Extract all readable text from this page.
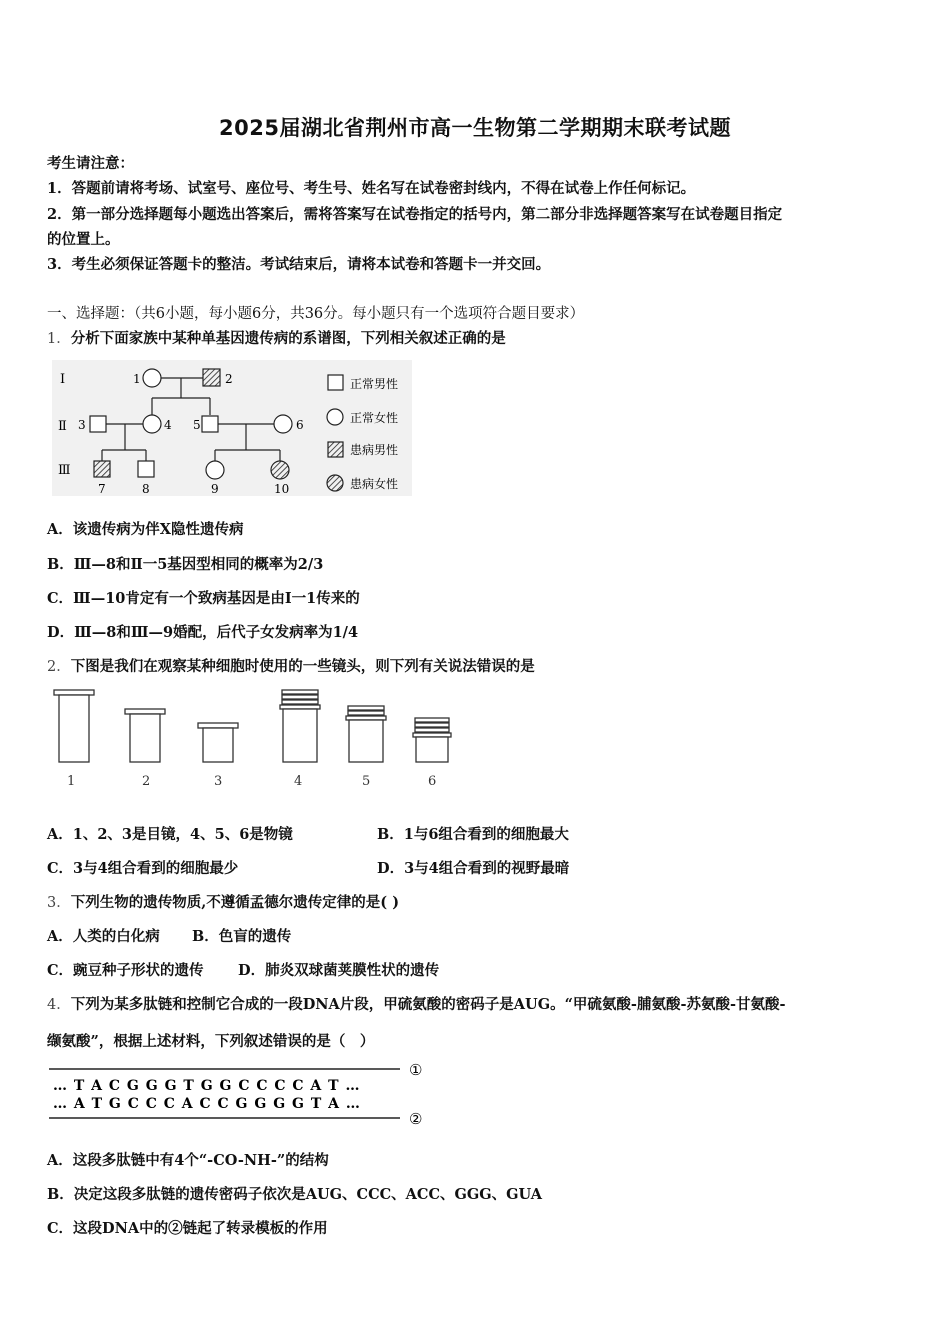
2025届湖北省荆州市高一生物第二学期期末联考试题
考生请注意：
1．答题前请将考场、试室号、座位号、考生号、姓名写在试卷密封线内，不得在试卷上作任何标记。
2．第一部分选择题每小题选出答案后，需将答案写在试卷指定的括号内，第二部分非选择题答案写在试卷题目指定
的位置上。
3．考生必须保证答题卡的整洁。考试结束后，请将本试卷和答题卡一并交回。
一、选择题：（共6小题，每小题6分，共36分。每小题只有一个选项符合题目要求）
1．分析下面家族中某种单基因遗传病的系谱图，下列相关叙述正确的是
Ⅰ
Ⅱ
Ⅲ
1	2
3	4 5	6
7	8	9	10
正常男性
正常女性
患病男性
患病女性
A．该遗传病为伴X隐性遗传病
B．Ⅲ—8和Ⅱ一5基因型相同的概率为2/3
C．Ⅲ—10肯定有一个致病基因是由Ⅰ一1传来的
D．Ⅲ—8和Ⅲ—9婚配，后代子女发病率为1/4
2．下图是我们在观察某种细胞时使用的一些镜头，则下列有关说法错误的是
1	2	3	4	5	6
A．1、2、3是目镜，4、5、6是物镜	B．1与6组合看到的细胞最大
C．3与4组合看到的细胞最少	D．3与4组合看到的视野最暗
3．下列生物的遗传物质,不遵循孟德尔遗传定律的是( )
A．人类的白化病 B．色盲的遗传
C．豌豆种子形状的遗传 D．肺炎双球菌荚膜性状的遗传
4．下列为某多肽链和控制它合成的一段DNA片段，甲硫氨酸的密码子是AUG。“甲硫氨酸-脯氨酸-苏氨酸-甘氨酸-
缬氨酸”，根据上述材料，下列叙述错误的是（　）
… T A C G G G T G G C C C C A T …
… A T G C C C A C C G G G G T A …
①
②
A．这段多肽链中有4个“-CO-NH-”的结构
B．决定这段多肽链的遗传密码子依次是AUG、CCC、ACC、GGG、GUA
C．这段DNA中的②链起了转录模板的作用
